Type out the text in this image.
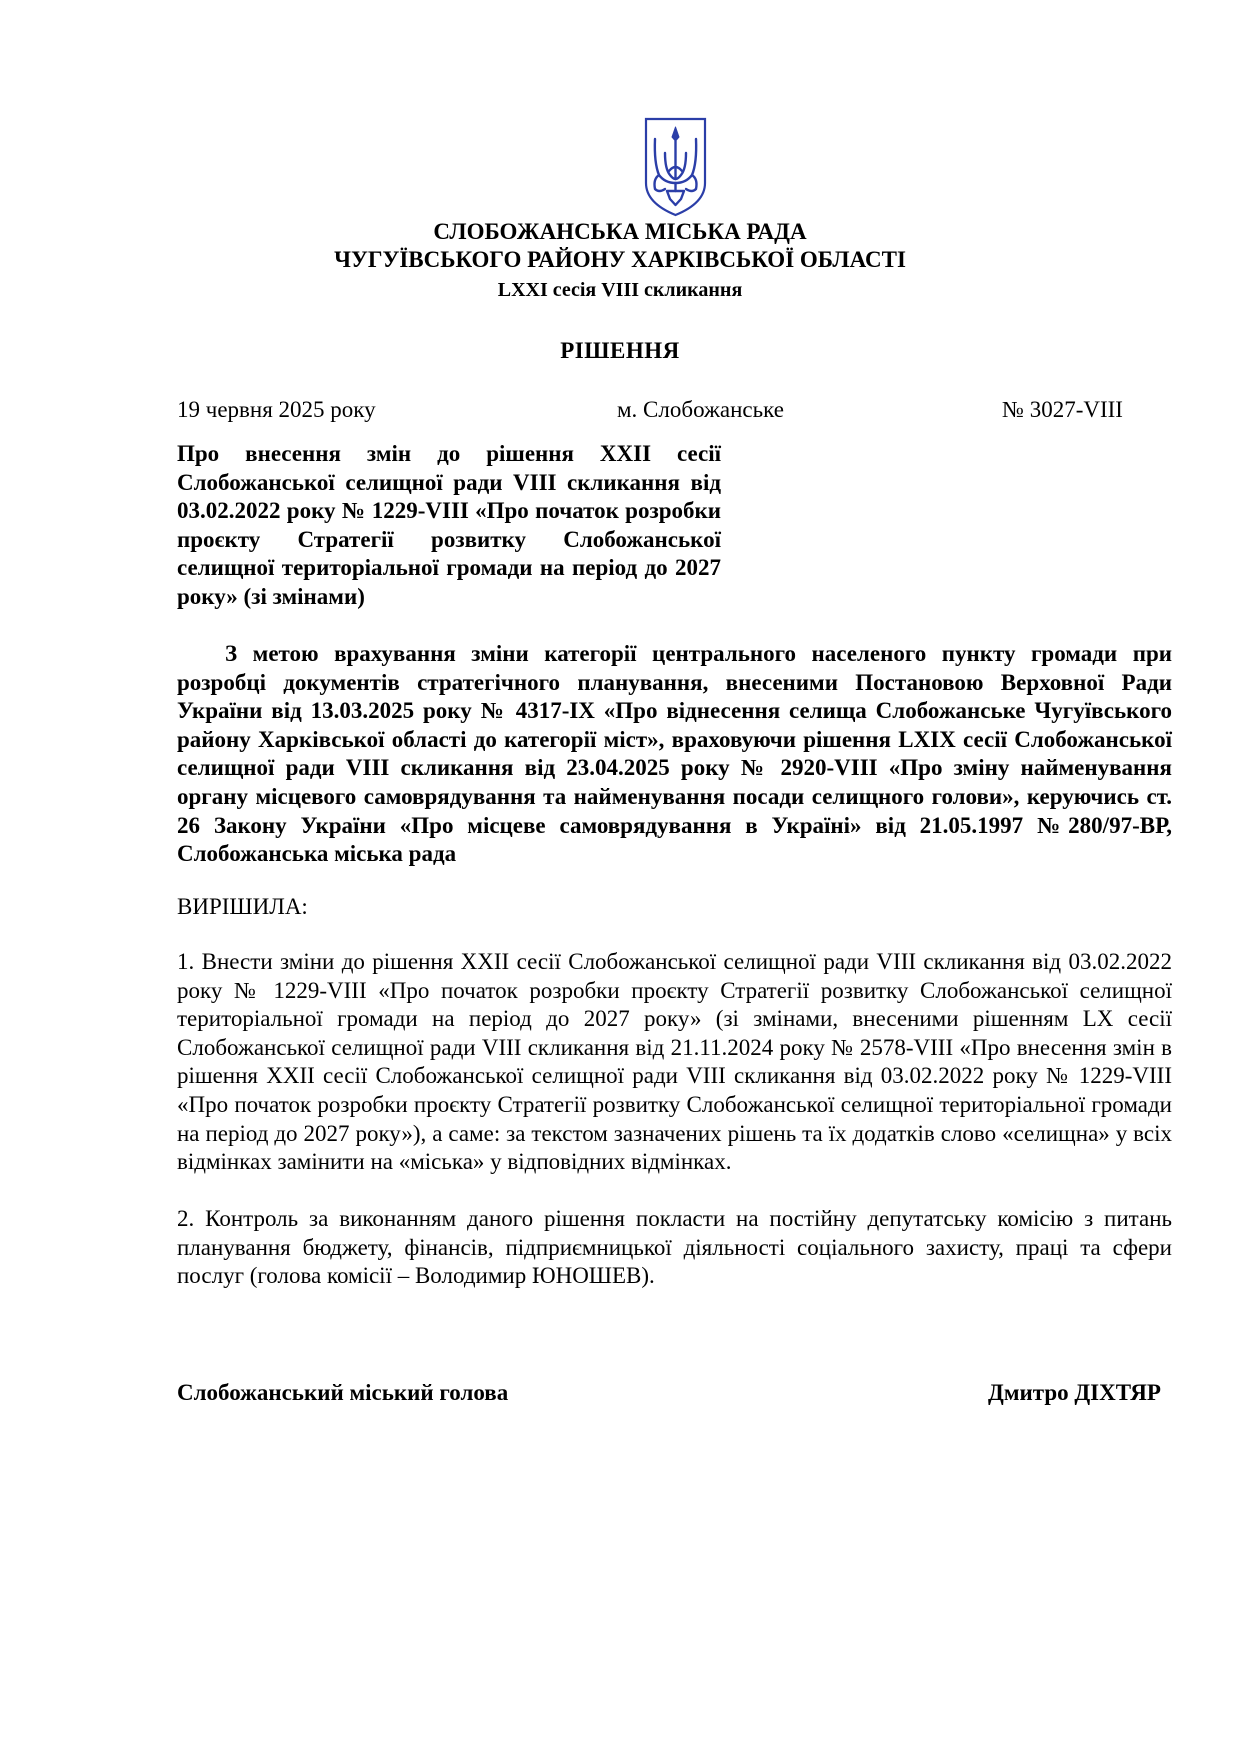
СЛОБОЖАНСЬКА МІСЬКА РАДА
ЧУГУЇВСЬКОГО РАЙОНУ ХАРКІВСЬКОЇ ОБЛАСТІ
LXXI сесія VIII скликання
РІШЕННЯ
19 червня 2025 року	м. Слобожанське	№ 3027-VIII
Про внесення змін до рішення XXII сесії Слобожанської селищної ради VIII скликання від 03.02.2022 року № 1229-VIII «Про початок розробки проєкту Стратегії розвитку Слобожанської селищної територіальної громади на період до 2027 року» (зі змінами)
З метою врахування зміни категорії центрального населеного пункту громади при розробці документів стратегічного планування, внесеними Постановою Верховної Ради України від 13.03.2025 року № 4317-IX «Про віднесення селища Слобожанське Чугуївського району Харківської області до категорії міст», враховуючи рішення LXIX сесії Слобожанської селищної ради VIII скликання від 23.04.2025 року № 2920-VIII «Про зміну найменування органу місцевого самоврядування та найменування посади селищного голови», керуючись ст. 26 Закону України «Про місцеве самоврядування в Україні» від 21.05.1997 №280/97-ВР, Слобожанська міська рада
ВИРІШИЛА:
1. Внести зміни до рішення XXII сесії Слобожанської селищної ради VIII скликання від 03.02.2022 року № 1229-VIII «Про початок розробки проєкту Стратегії розвитку Слобожанської селищної територіальної громади на період до 2027 року» (зі змінами, внесеними рішенням LX сесії Слобожанської селищної ради VIII скликання від 21.11.2024 року № 2578-VIII «Про внесення змін в рішення XXII сесії Слобожанської селищної ради VIII скликання від 03.02.2022 року № 1229-VIII «Про початок розробки проєкту Стратегії розвитку Слобожанської селищної територіальної громади на період до 2027 року»), а саме: за текстом зазначених рішень та їх додатків слово «селищна» у всіх відмінках замінити на «міська» у відповідних відмінках.
2. Контроль за виконанням даного рішення покласти на постійну депутатську комісію з питань планування бюджету, фінансів, підприємницької діяльності соціального захисту, праці та сфери послуг (голова комісії – Володимир ЮНОШЕВ).
Слобожанський міський голова	Дмитро ДІХТЯР
